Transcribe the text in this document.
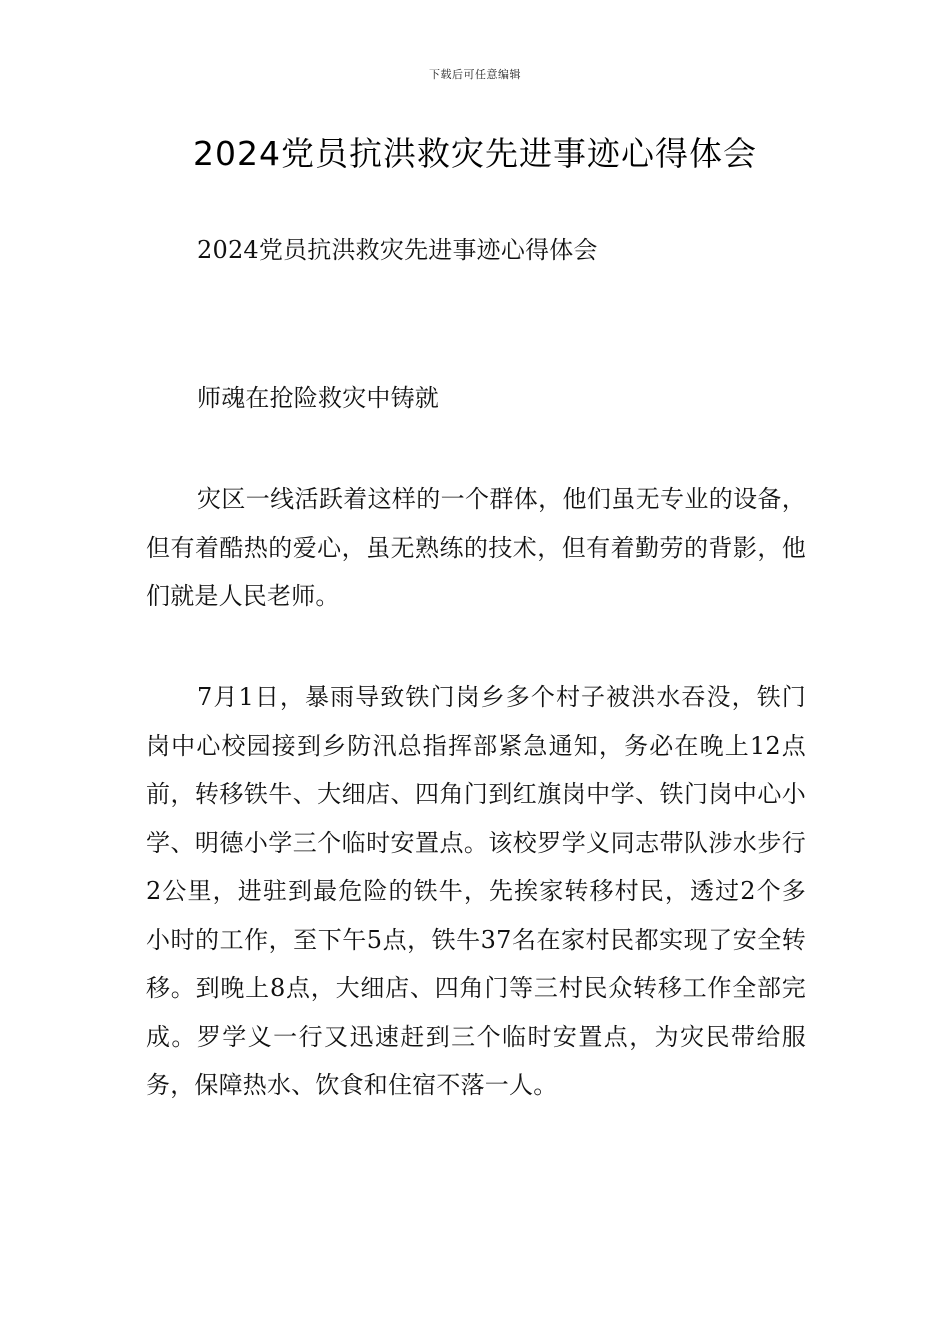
下载后可任意编辑
2024党员抗洪救灾先进事迹心得体会
2024党员抗洪救灾先进事迹心得体会
师魂在抢险救灾中铸就

灾区一线活跃着这样的一个群体，他们虽无专业的设备，但有着酷热的爱心，虽无熟练的技术，但有着勤劳的背影，他们就是人民老师。

7月1日，暴雨导致铁门岗乡多个村子被洪水吞没，铁门岗中心校园接到乡防汛总指挥部紧急通知，务必在晚上12点前，转移铁牛、大细店、四角门到红旗岗中学、铁门岗中心小学、明德小学三个临时安置点。该校罗学义同志带队涉水步行2公里，进驻到最危险的铁牛，先挨家转移村民，透过2个多小时的工作，至下午5点，铁牛37名在家村民都实现了安全转移。到晚上8点，大细店、四角门等三村民众转移工作全部完成。罗学义一行又迅速赶到三个临时安置点，为灾民带给服务，保障热水、饮食和住宿不落一人。
